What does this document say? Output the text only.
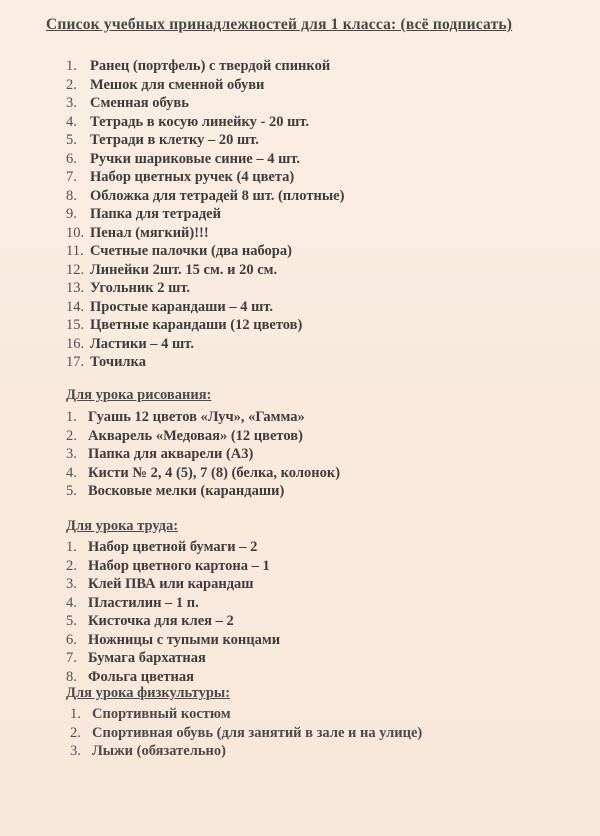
Список учебных принадлежностей для 1 класса: (всё подписать)
1. Ранец (портфель) с твердой спинкой
2. Мешок для сменной обуви
3. Сменная обувь
4. Тетрадь в косую линейку - 20 шт.
5. Тетради в клетку – 20 шт.
6. Ручки шариковые синие – 4 шт.
7. Набор цветных ручек (4 цвета)
8. Обложка для тетрадей 8 шт. (плотные)
9. Папка для тетрадей
10. Пенал (мягкий)!!!
11. Счетные палочки (два набора)
12. Линейки 2шт. 15 см. и 20 см.
13. Угольник 2 шт.
14. Простые карандаши – 4 шт.
15. Цветные карандаши (12 цветов)
16. Ластики – 4 шт.
17. Точилка
Для урока рисования:
1. Гуашь 12 цветов «Луч», «Гамма»
2. Акварель «Медовая» (12 цветов)
3. Папка для акварели (А3)
4. Кисти № 2, 4 (5), 7 (8) (белка, колонок)
5. Восковые мелки (карандаши)
Для урока труда:
1. Набор цветной бумаги – 2
2. Набор цветного картона – 1
3. Клей ПВА или карандаш
4. Пластилин – 1 п.
5. Кисточка для клея – 2
6. Ножницы с тупыми концами
7. Бумага бархатная
8. Фольга цветная
Для урока физкультуры:
1. Спортивный костюм
2. Спортивная обувь (для занятий в зале и на улице)
3. Лыжи (обязательно)
